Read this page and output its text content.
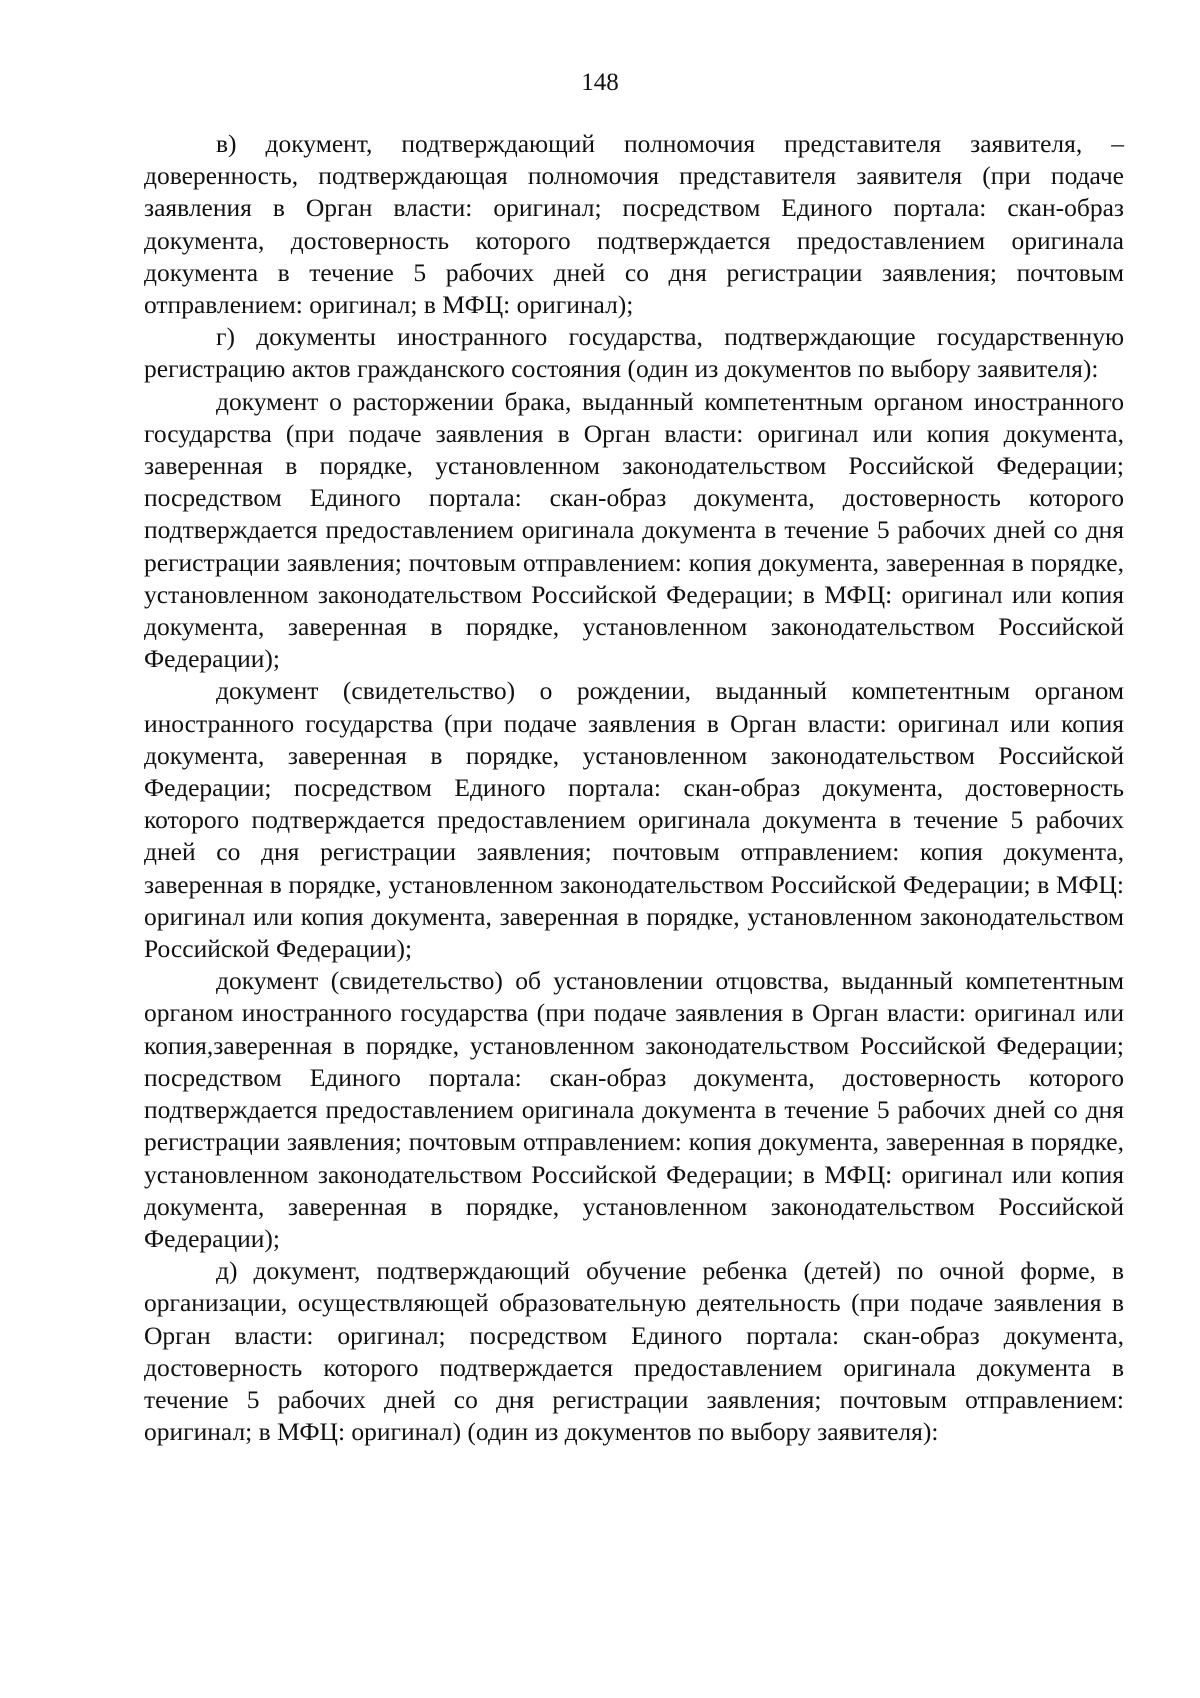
148

в) документ, подтверждающий полномочия представителя заявителя, – доверенность, подтверждающая полномочия представителя заявителя (при подаче заявления в Орган власти: оригинал; посредством Единого портала: скан-образ документа, достоверность которого подтверждается предоставлением оригинала документа в течение 5 рабочих дней со дня регистрации заявления; почтовым отправлением: оригинал; в МФЦ: оригинал);

г) документы иностранного государства, подтверждающие государственную регистрацию актов гражданского состояния (один из документов по выбору заявителя):

документ о расторжении брака, выданный компетентным органом иностранного государства (при подаче заявления в Орган власти: оригинал или копия документа, заверенная в порядке, установленном законодательством Российской Федерации; посредством Единого портала: скан-образ документа, достоверность которого подтверждается предоставлением оригинала документа в течение 5 рабочих дней со дня регистрации заявления; почтовым отправлением: копия документа, заверенная в порядке, установленном законодательством Российской Федерации; в МФЦ: оригинал или копия документа, заверенная в порядке, установленном законодательством Российской Федерации);

документ (свидетельство) о рождении, выданный компетентным органом иностранного государства (при подаче заявления в Орган власти: оригинал или копия документа, заверенная в порядке, установленном законодательством Российской Федерации; посредством Единого портала: скан-образ документа, достоверность которого подтверждается предоставлением оригинала документа в течение 5 рабочих дней со дня регистрации заявления; почтовым отправлением: копия документа, заверенная в порядке, установленном законодательством Российской Федерации; в МФЦ: оригинал или копия документа, заверенная в порядке, установленном законодательством Российской Федерации);

документ (свидетельство) об установлении отцовства, выданный компетентным органом иностранного государства (при подаче заявления в Орган власти: оригинал или копия,заверенная в порядке, установленном законодательством Российской Федерации; посредством Единого портала: скан-образ документа, достоверность которого подтверждается предоставлением оригинала документа в течение 5 рабочих дней со дня регистрации заявления; почтовым отправлением: копия документа, заверенная в порядке, установленном законодательством Российской Федерации; в МФЦ: оригинал или копия документа, заверенная в порядке, установленном законодательством Российской Федерации);

д) документ, подтверждающий обучение ребенка (детей) по очной форме, в организации, осуществляющей образовательную деятельность (при подаче заявления в Орган власти: оригинал; посредством Единого портала: скан-образ документа, достоверность которого подтверждается предоставлением оригинала документа в течение 5 рабочих дней со дня регистрации заявления; почтовым отправлением: оригинал; в МФЦ: оригинал) (один из документов по выбору заявителя):
